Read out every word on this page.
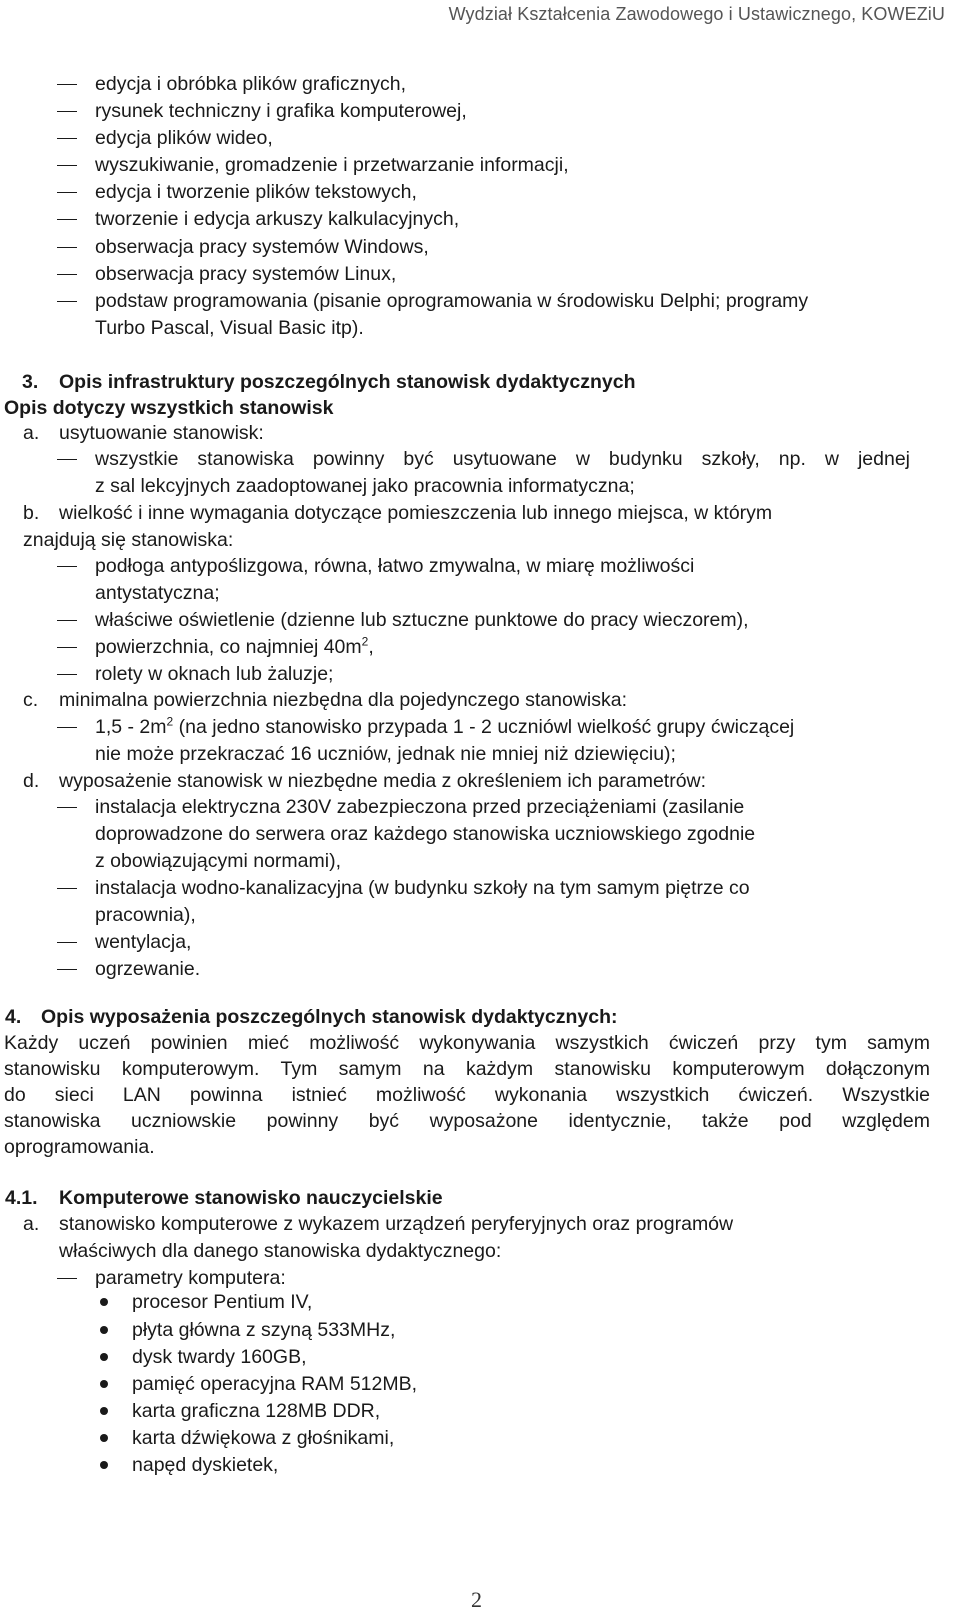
Wydział Kształcenia Zawodowego i Ustawicznego, KOWEZiU
edycja i obróbka plików graficznych,
rysunek techniczny i grafika komputerowej,
edycja plików wideo,
wyszukiwanie, gromadzenie i przetwarzanie informacji,
edycja i tworzenie plików tekstowych,
tworzenie i edycja arkuszy kalkulacyjnych,
obserwacja pracy systemów Windows,
obserwacja pracy systemów Linux,
podstaw programowania (pisanie oprogramowania w środowisku Delphi; programy
Turbo Pascal, Visual Basic itp).
3. Opis infrastruktury poszczególnych stanowisk dydaktycznych
Opis dotyczy wszystkich stanowisk
a. usytuowanie stanowisk:
wszystkie stanowiska powinny być usytuowane w budynku szkoły, np. w jednej
z sal lekcyjnych zaadoptowanej jako pracownia informatyczna;
b. wielkość i inne wymagania dotyczące pomieszczenia lub innego miejsca, w którym
znajdują się stanowiska:
podłoga antypoślizgowa, równa, łatwo zmywalna, w miarę możliwości
antystatyczna;
właściwe oświetlenie (dzienne lub sztuczne punktowe do pracy wieczorem),
powierzchnia, co najmniej $40m^2$,
rolety w oknach lub żaluzje;
c. minimalna powierzchnia niezbędna dla pojedynczego stanowiska:
$1,5 - 2m^2$ (na jedno stanowisko przypada 1 - 2 uczniówl wielkość grupy ćwiczącej
nie może przekraczać 16 uczniów, jednak nie mniej niż dziewięciu);
d. wyposażenie stanowisk w niezbędne media z określeniem ich parametrów:
instalacja elektryczna 230V zabezpieczona przed przeciążeniami (zasilanie
doprowadzone do serwera oraz każdego stanowiska uczniowskiego zgodnie
z obowiązującymi normami),
instalacja wodno-kanalizacyjna (w budynku szkoły na tym samym piętrze co
pracownia),
wentylacja,
ogrzewanie.
4. Opis wyposażenia poszczególnych stanowisk dydaktycznych:
Każdy uczeń powinien mieć możliwość wykonywania wszystkich ćwiczeń przy tym samym
stanowisku komputerowym. Tym samym na każdym stanowisku komputerowym dołączonym
do sieci LAN powinna istnieć możliwość wykonania wszystkich ćwiczeń. Wszystkie
stanowiska uczniowskie powinny być wyposażone identycznie, także pod względem
oprogramowania.
4.1. Komputerowe stanowisko nauczycielskie
a. stanowisko komputerowe z wykazem urządzeń peryferyjnych oraz programów
właściwych dla danego stanowiska dydaktycznego:
parametry komputera:
procesor Pentium IV,
płyta główna z szyną 533MHz,
dysk twardy 160GB,
pamięć operacyjna RAM 512MB,
karta graficzna 128MB DDR,
karta dźwiękowa z głośnikami,
napęd dyskietek,
2
